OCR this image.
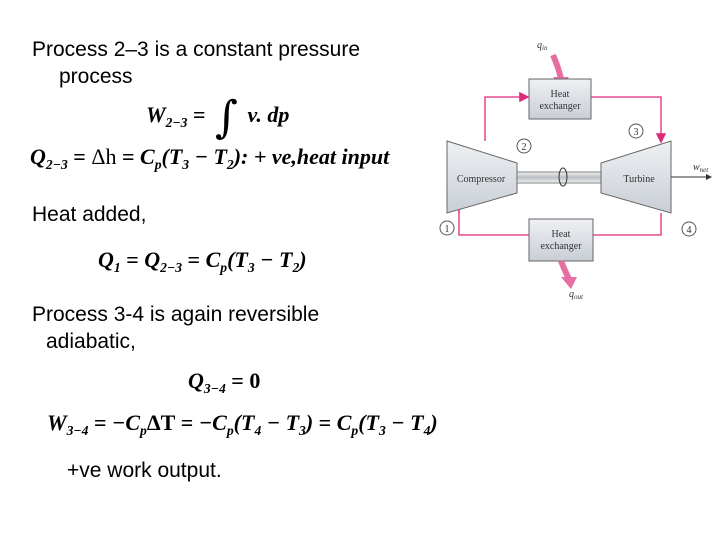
Process 2–3 is a constant pressure
process
$W_{2-3}$ = ∫ v. dp
$Q_{2-3} = \Delta h = C_p(T_3 - T_2)$: + ve,heat input
Heat added,
$Q_1 = Q_{2-3} = C_p(T_3 - T_2)$
Process 3-4 is again reversible
adiabatic,
$Q_{3-4} = 0$
$W_{3-4} = -C_p\Delta T = -C_p(T_4 - T_3) = C_p(T_3 - T_4)$
+ve work output.
$q_{in}$
Heat
exchanger
Compressor	Turbine
$w_{net}$
Heat
exchanger
$q_{out}$
1
2
3
4
